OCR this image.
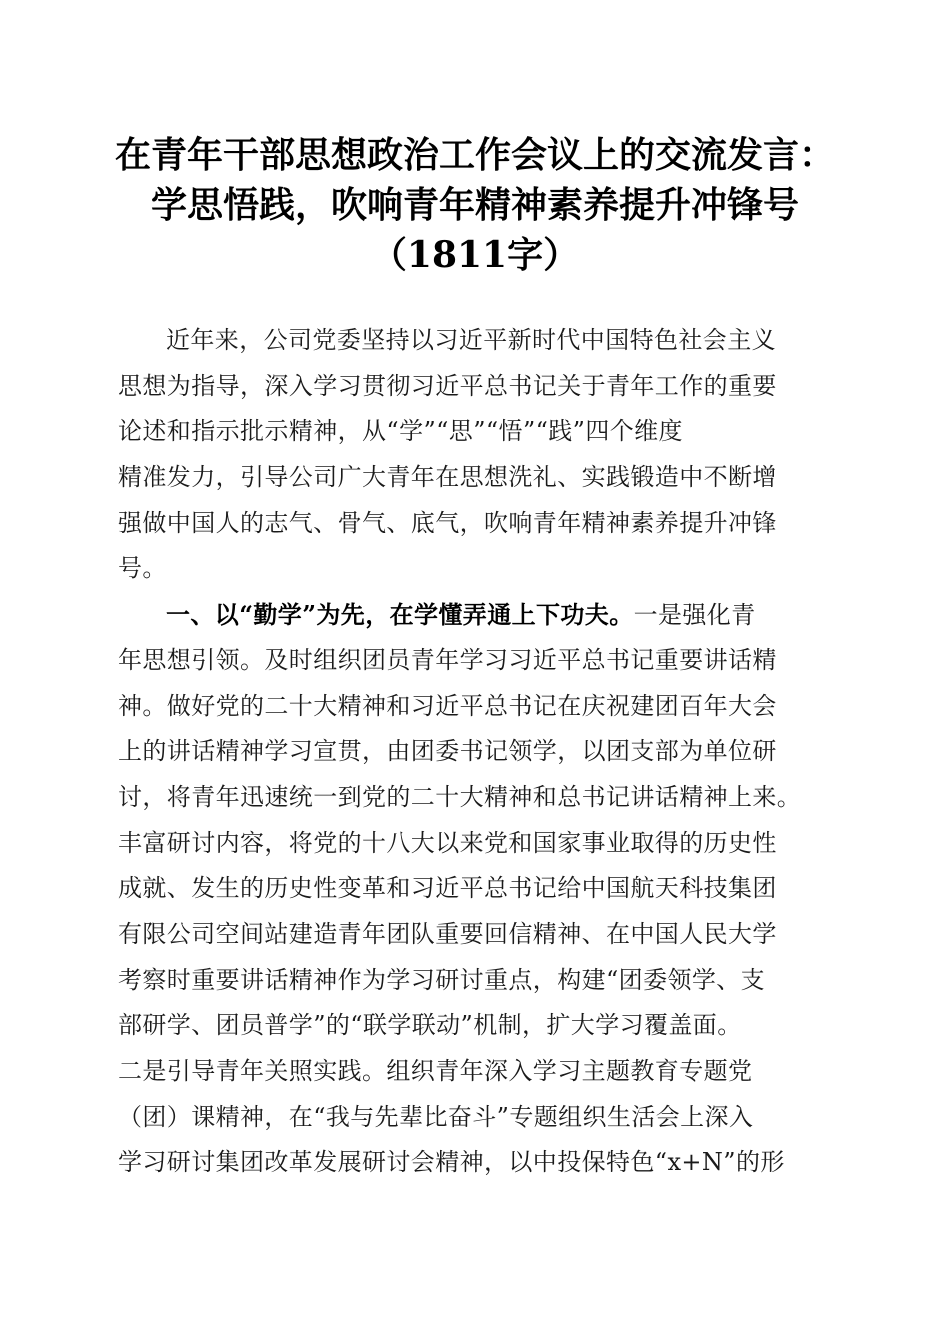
在青年干部思想政治工作会议上的交流发言：
学思悟践，吹响青年精神素养提升冲锋号
（1811字）
近年来，公司党委坚持以习近平新时代中国特色社会主义
思想为指导，深入学习贯彻习近平总书记关于青年工作的重要
论述和指示批示精神，从“学”“思”“悟”“践”四个维度
精准发力，引导公司广大青年在思想洗礼、实践锻造中不断增
强做中国人的志气、骨气、底气，吹响青年精神素养提升冲锋
号。
一、以“勤学”为先，在学懂弄通上下功夫。一是强化青
年思想引领。及时组织团员青年学习习近平总书记重要讲话精
神。做好党的二十大精神和习近平总书记在庆祝建团百年大会
上的讲话精神学习宣贯，由团委书记领学，以团支部为单位研
讨，将青年迅速统一到党的二十大精神和总书记讲话精神上来。
丰富研讨内容，将党的十八大以来党和国家事业取得的历史性
成就、发生的历史性变革和习近平总书记给中国航天科技集团
有限公司空间站建造青年团队重要回信精神、在中国人民大学
考察时重要讲话精神作为学习研讨重点，构建“团委领学、支
部研学、团员普学”的“联学联动”机制，扩大学习覆盖面。
二是引导青年关照实践。组织青年深入学习主题教育专题党
（团）课精神，在“我与先辈比奋斗”专题组织生活会上深入
学习研讨集团改革发展研讨会精神，以中投保特色“x+N”的形
